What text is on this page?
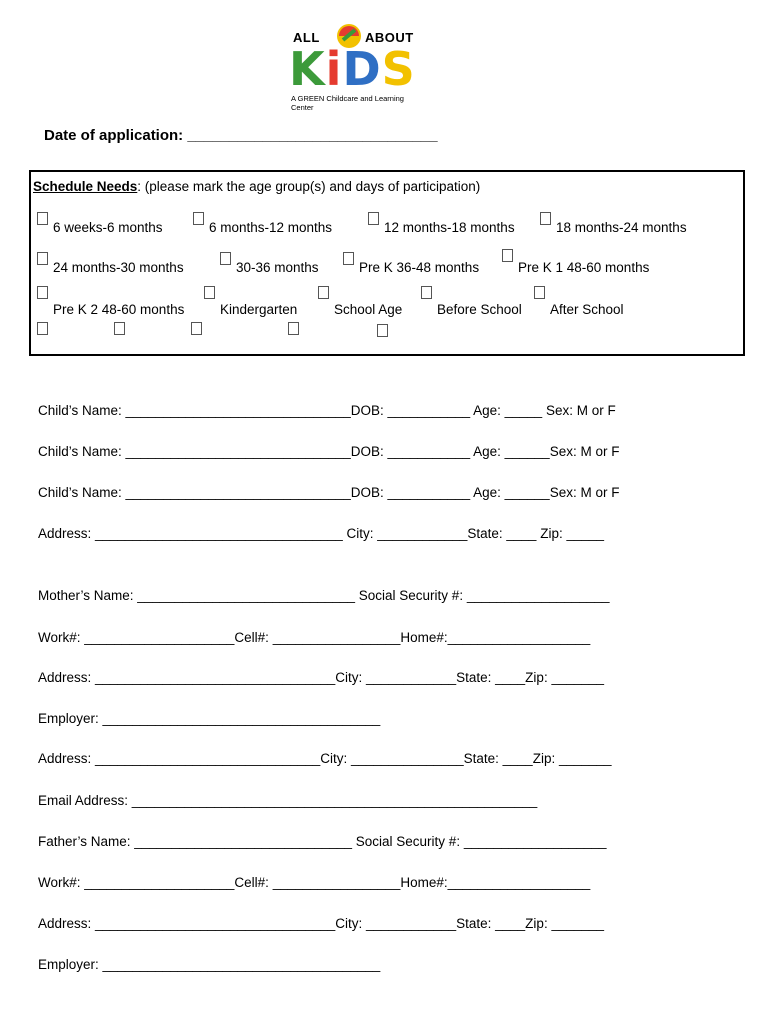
ALL	ABOUT
KiDS
A GREEN Childcare and Learning Center
Date of application: ______________________________
Schedule Needs: (please mark the age group(s) and days of participation)
6 weeks-6 months	6 months-12 months	12 months-18 months	18 months-24 months
24 months-30 months	30-36 months	Pre K 36-48 months	Pre K 1 48-60 months
Pre K 2 48-60 months	Kindergarten	School Age	Before School After School
Child’s Name: ______________________________DOB: ___________ Age: _____ Sex: M or F
Child’s Name: ______________________________DOB: ___________ Age: ______Sex: M or F
Child’s Name: ______________________________DOB: ___________ Age: ______Sex: M or F
Address: _________________________________ City: ____________State: ____ Zip: _____
Mother’s Name: _____________________________ Social Security #: ___________________
Work#: ____________________Cell#: _________________Home#:___________________
Address: ________________________________City: ____________State: ____Zip: _______
Employer: _____________________________________
Address: ______________________________City: _______________State: ____Zip: _______
Email Address: ______________________________________________________
Father’s Name: _____________________________ Social Security #: ___________________
Work#: ____________________Cell#: _________________Home#:___________________
Address: ________________________________City: ____________State: ____Zip: _______
Employer: _____________________________________
